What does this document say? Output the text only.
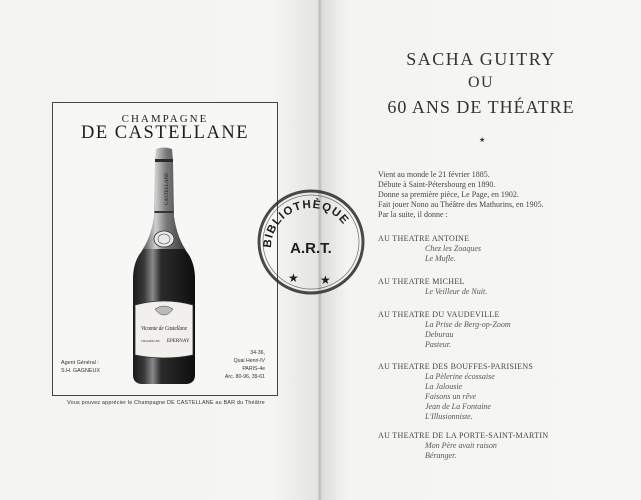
CHAMPAGNE
DE CASTELLANE
CASTELLANE
Vicomte de Castellane
EPERNAY
CHAMPAGNE
Agent Général :
S.H. GAGNEUX
34-36,
Quai Henri-IV
PARIS-4e
Arc. 80-96, 39-61
Vous pouvez apprécier le Champagne DE CASTELLANE au BAR du Théâtre
SACHA GUITRY
OU
60 ANS DE THÉATRE
★
Vient au monde le 21 février 1885.
Débute à Saint-Pétersbourg en 1890.
Donne sa première pièce, Le Page, en 1902.
Fait jouer Nono au Théâtre des Mathurins, en 1905.
Par la suite, il donne :
AU THEATRE ANTOINE
Chez les Zoaques
Le Mufle.
AU THEATRE MICHEL
Le Veilleur de Nuit.
AU THEATRE DU VAUDEVILLE
La Prise de Berg-op-Zoom
Deburau
Pasteur.
AU THEATRE DES BOUFFES-PARISIENS
La Pèlerine écossaise
La Jalousie
Faisons un rêve
Jean de La Fontaine
L'Illusionniste.
AU THEATRE DE LA PORTE-SAINT-MARTIN
Mon Père avait raison
Béranger.
BIBLIOTHÈQUE
A.R.T.
★ ★
